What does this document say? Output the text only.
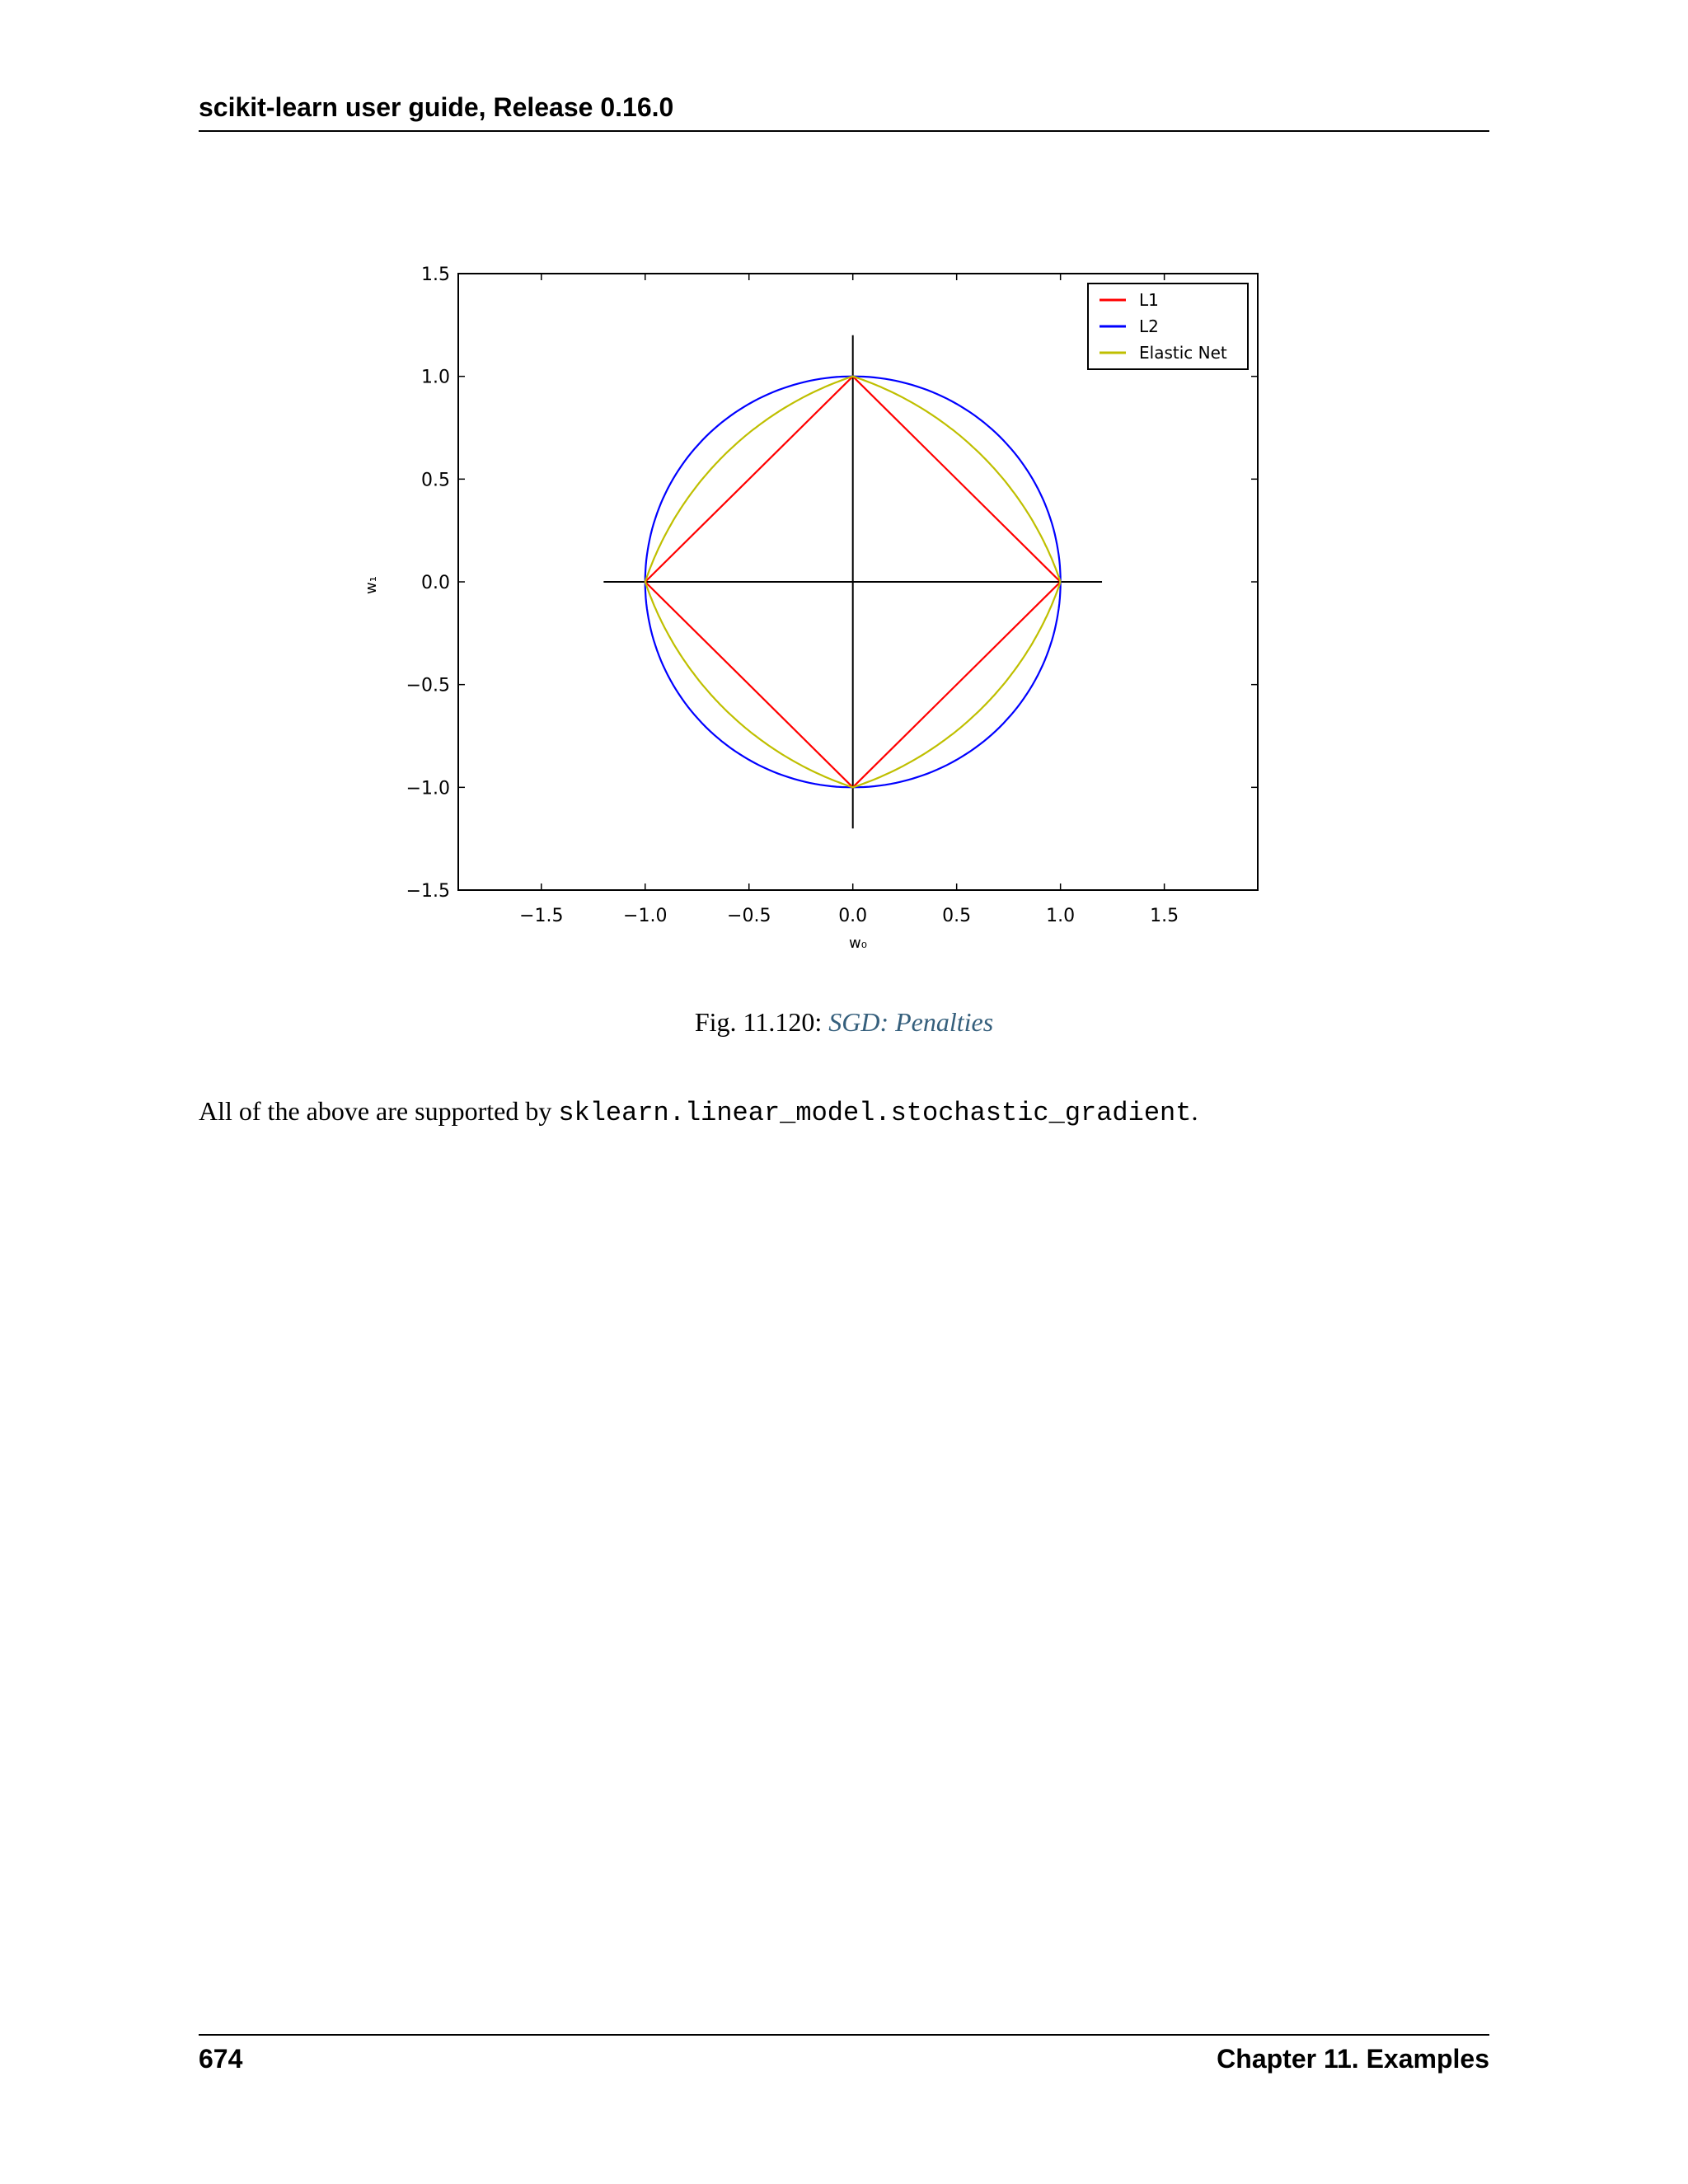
scikit-learn user guide, Release 0.16.0
−1.5	−1.0	−0.5	0.0	0.5	1.0	1.5
−1.5
−1.0
−0.5
0.0
0.5
1.0
1.5
w₀
w₁
L1
L2
Elastic Net
Fig. 11.120: SGD: Penalties
All of the above are supported by sklearn.linear_model.stochastic_gradient.
674	Chapter 11. Examples
